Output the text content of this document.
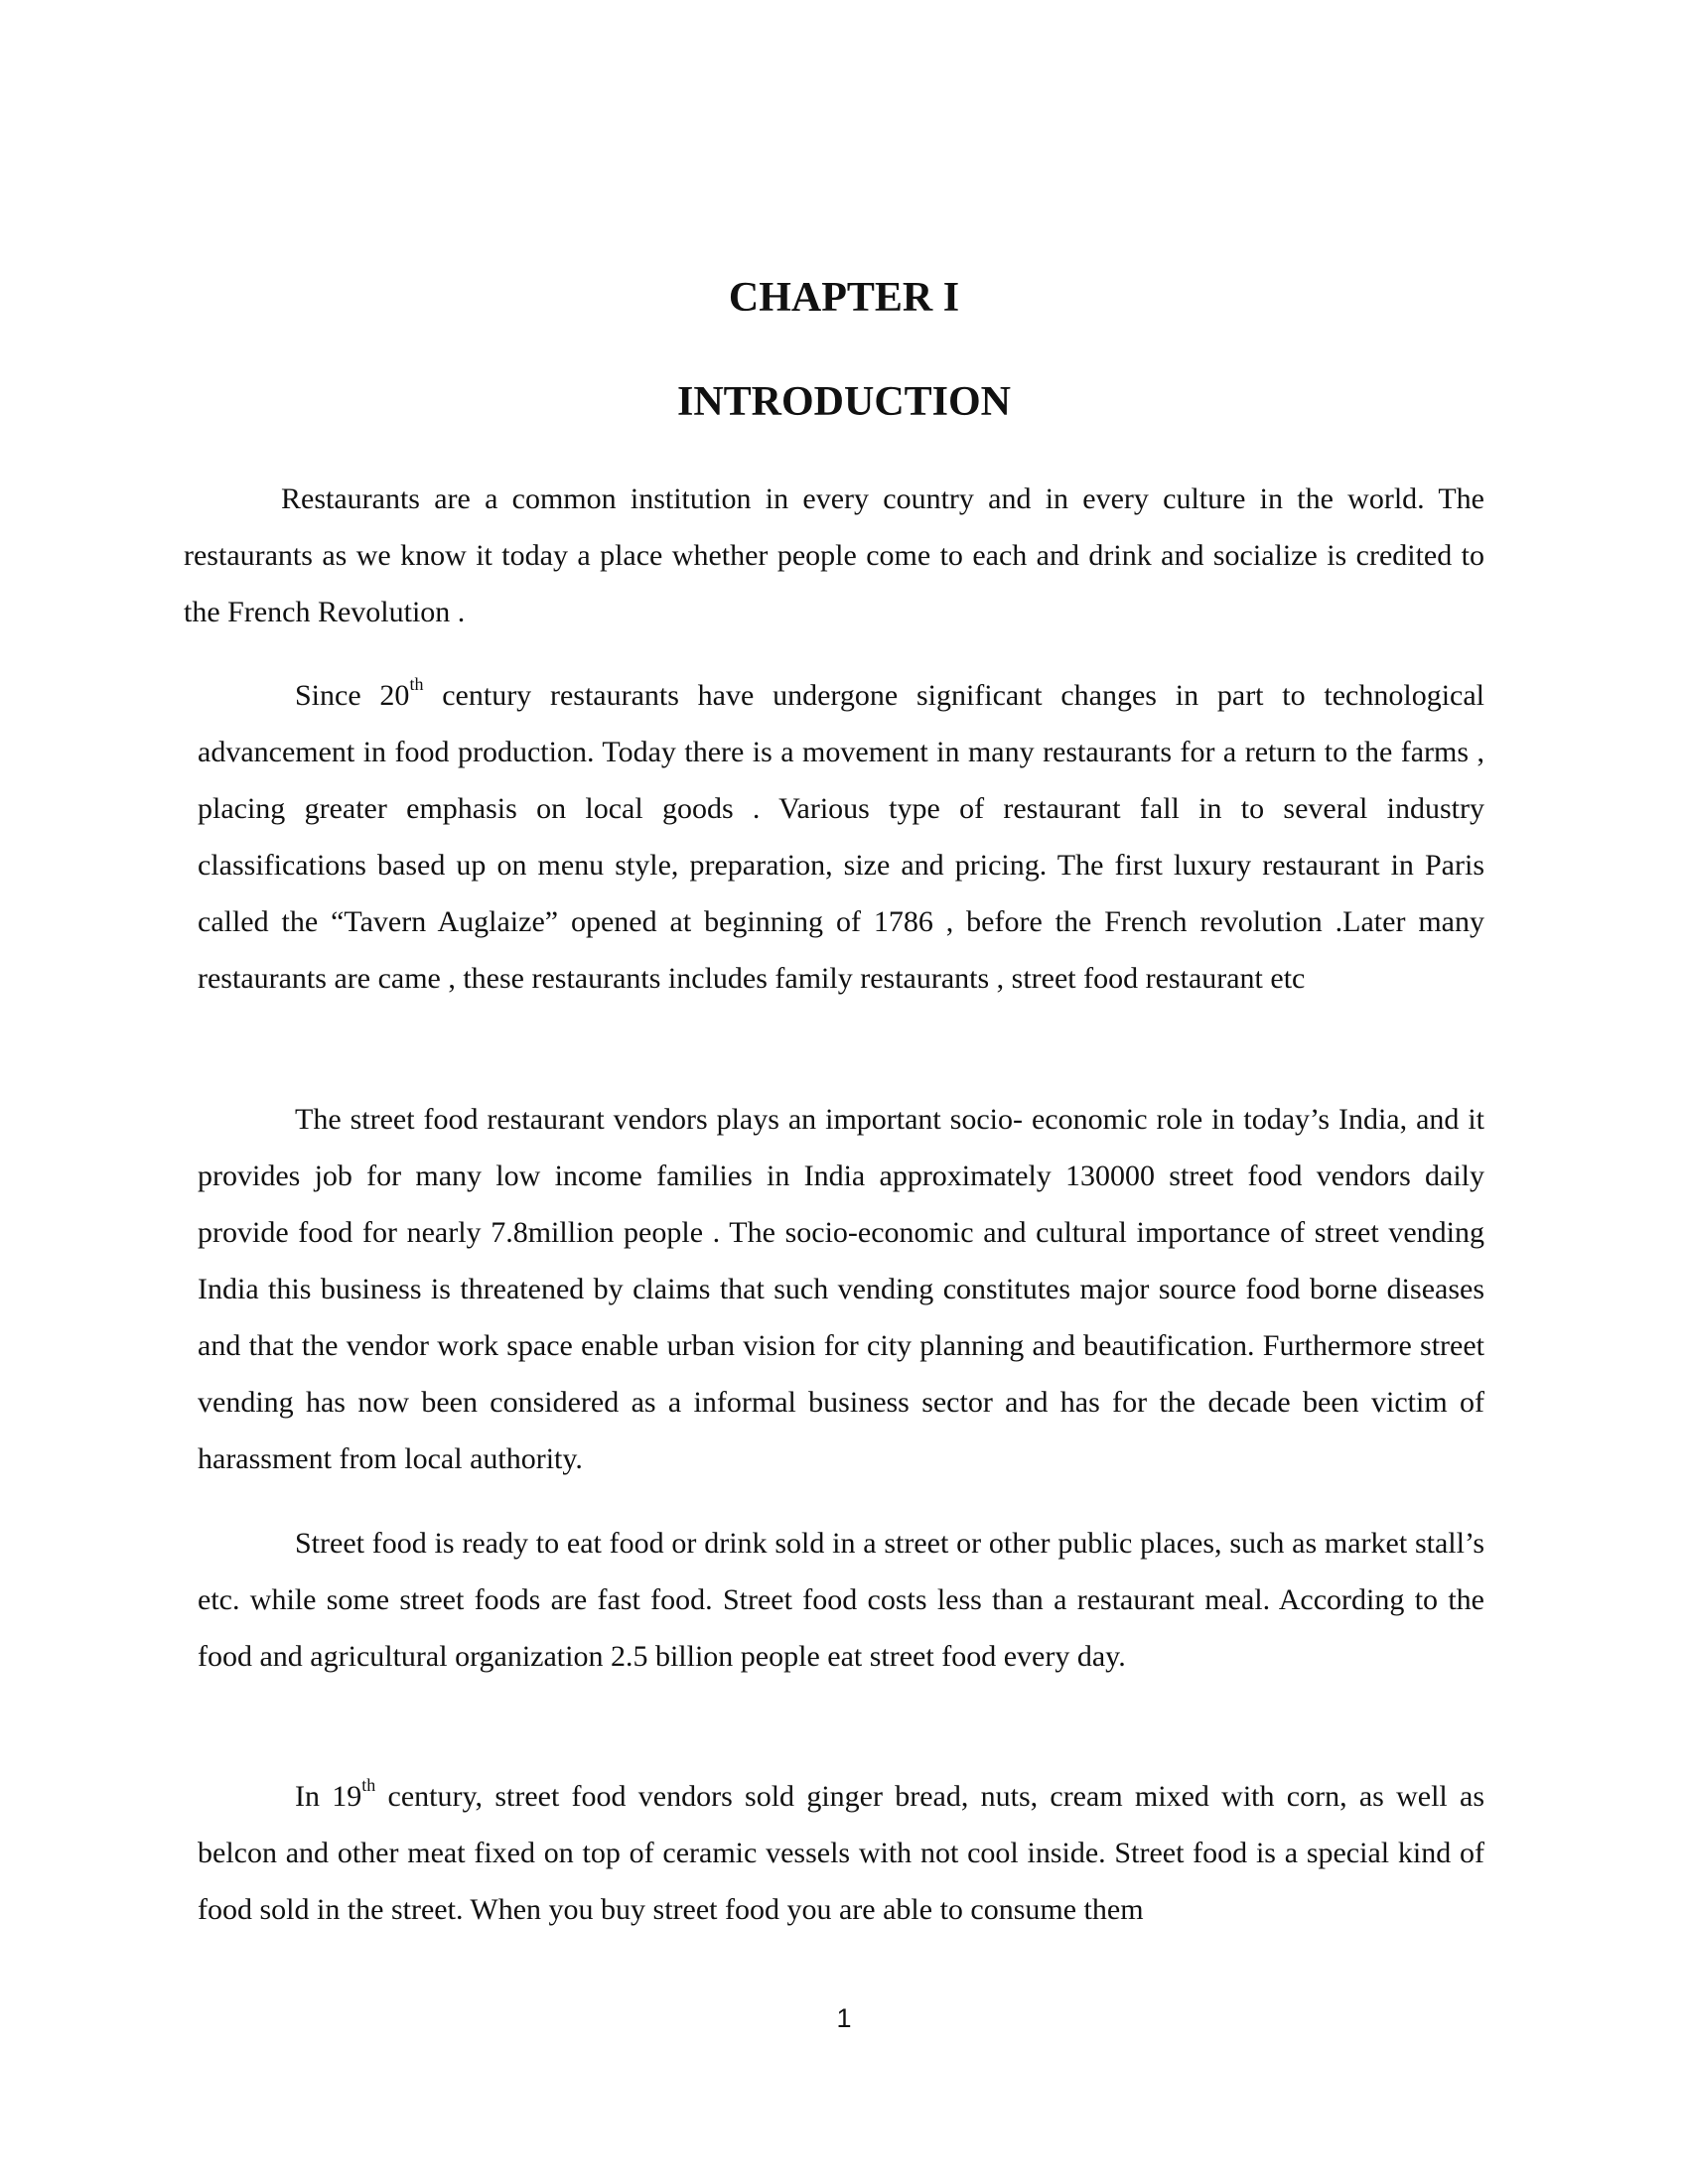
CHAPTER I
INTRODUCTION

Restaurants are a common institution in every country and in every culture in the world. The restaurants as we know it today a place whether people come to each and drink and socialize is credited to the French Revolution .

Since 20th century restaurants have undergone significant changes in part to technological advancement in food production. Today there is a movement in many restaurants for a return to the farms , placing greater emphasis on local goods . Various type of restaurant fall in to several industry classifications based up on menu style, preparation, size and pricing. The first luxury restaurant in Paris called the “Tavern Auglaize” opened at beginning of 1786 , before the French revolution .Later many restaurants are came , these restaurants includes family restaurants , street food restaurant etc

The street food restaurant vendors plays an important socio- economic role in today’s India, and it provides job for many low income families in India approximately 130000 street food vendors daily provide food for nearly 7.8million people . The socio-economic and cultural importance of street vending India this business is threatened by claims that such vending constitutes major source food borne diseases and that the vendor work space enable urban vision for city planning and beautification. Furthermore street vending has now been considered as a informal business sector and has for the decade been victim of harassment from local authority.

Street food is ready to eat food or drink sold in a street or other public places, such as market stall’s etc. while some street foods are fast food. Street food costs less than a restaurant meal. According to the food and agricultural organization 2.5 billion people eat street food every day.

In 19th century, street food vendors sold ginger bread, nuts, cream mixed with corn, as well as belcon and other meat fixed on top of ceramic vessels with not cool inside. Street food is a special kind of food sold in the street. When you buy street food you are able to consume them

1
